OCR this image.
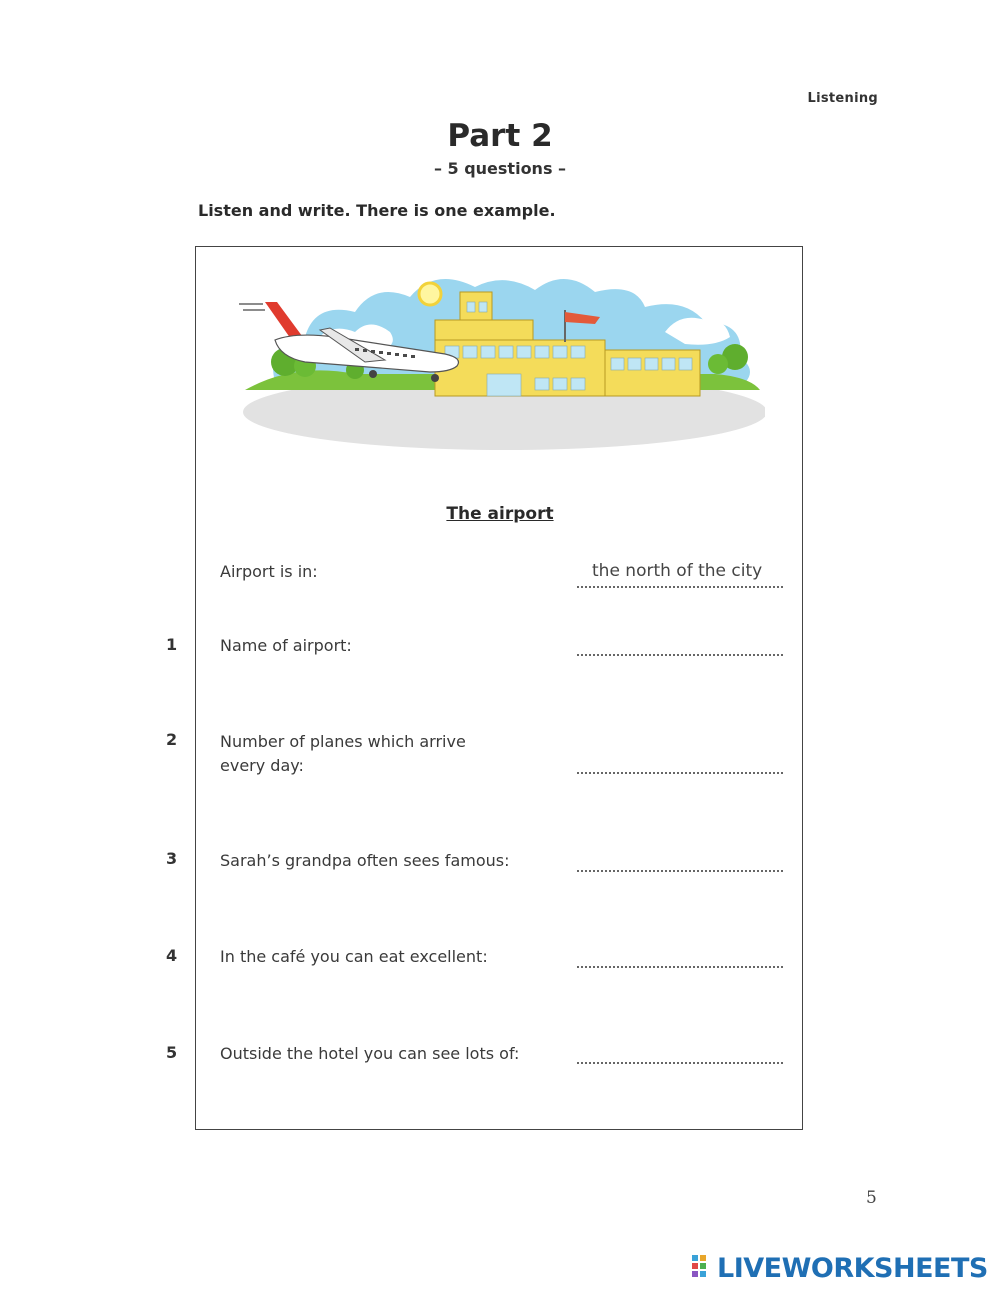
Listening
Part 2
– 5 questions –
Listen and write. There is one example.
The airport
Airport is in:	the north of the city
1	Name of airport:
2	Number of planes which arrive
every day:
3	Sarah’s grandpa often sees famous:
4	In the café you can eat excellent:
5	Outside the hotel you can see lots of:
5
LIVEWORKSHEETS
